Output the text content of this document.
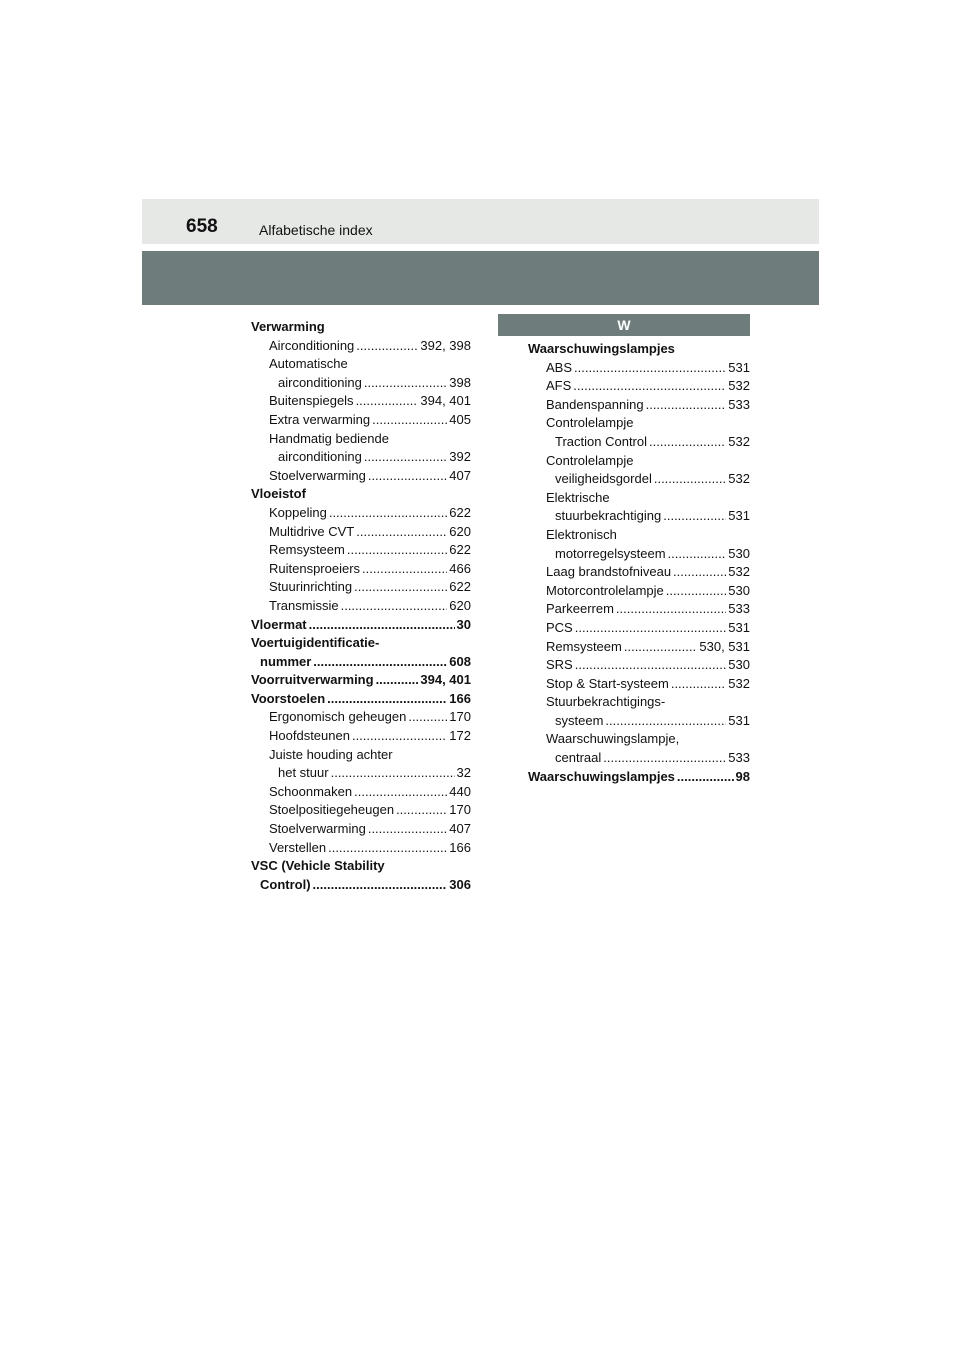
658	Alfabetische index
Verwarming
Airconditioning .....	392, 398
Automatische
airconditioning .....	398
Buitenspiegels .....	394, 401
Extra verwarming .....	405
Handmatig bediende
airconditioning .....	392
Stoelverwarming .....	407
Vloeistof
Koppeling .....	622
Multidrive CVT .....	620
Remsysteem .....	622
Ruitensproeiers .....	466
Stuurinrichting .....	622
Transmissie .....	620
Vloermat .....	30
Voertuigidentificatie-
nummer .....	608
Voorruitverwarming .....	394, 401
Voorstoelen .....	166
Ergonomisch geheugen .....	170
Hoofdsteunen .....	172
Juiste houding achter
het stuur .....	32
Schoonmaken .....	440
Stoelpositiegeheugen .....	170
Stoelverwarming .....	407
Verstellen .....	166
VSC (Vehicle Stability
Control) .....	306
W
Waarschuwingslampjes
ABS .....	531
AFS .....	532
Bandenspanning .....	533
Controlelampje
Traction Control .....	532
Controlelampje
veiligheidsgordel .....	532
Elektrische
stuurbekrachtiging .....	531
Elektronisch
motorregelsysteem .....	530
Laag brandstofniveau .....	532
Motorcontrolelampje .....	530
Parkeerrem .....	533
PCS .....	531
Remsysteem .....	530, 531
SRS .....	530
Stop & Start-systeem .....	532
Stuurbekrachtigings-
systeem .....	531
Waarschuwingslampje,
centraal .....	533
Waarschuwingslampjes .....	98
